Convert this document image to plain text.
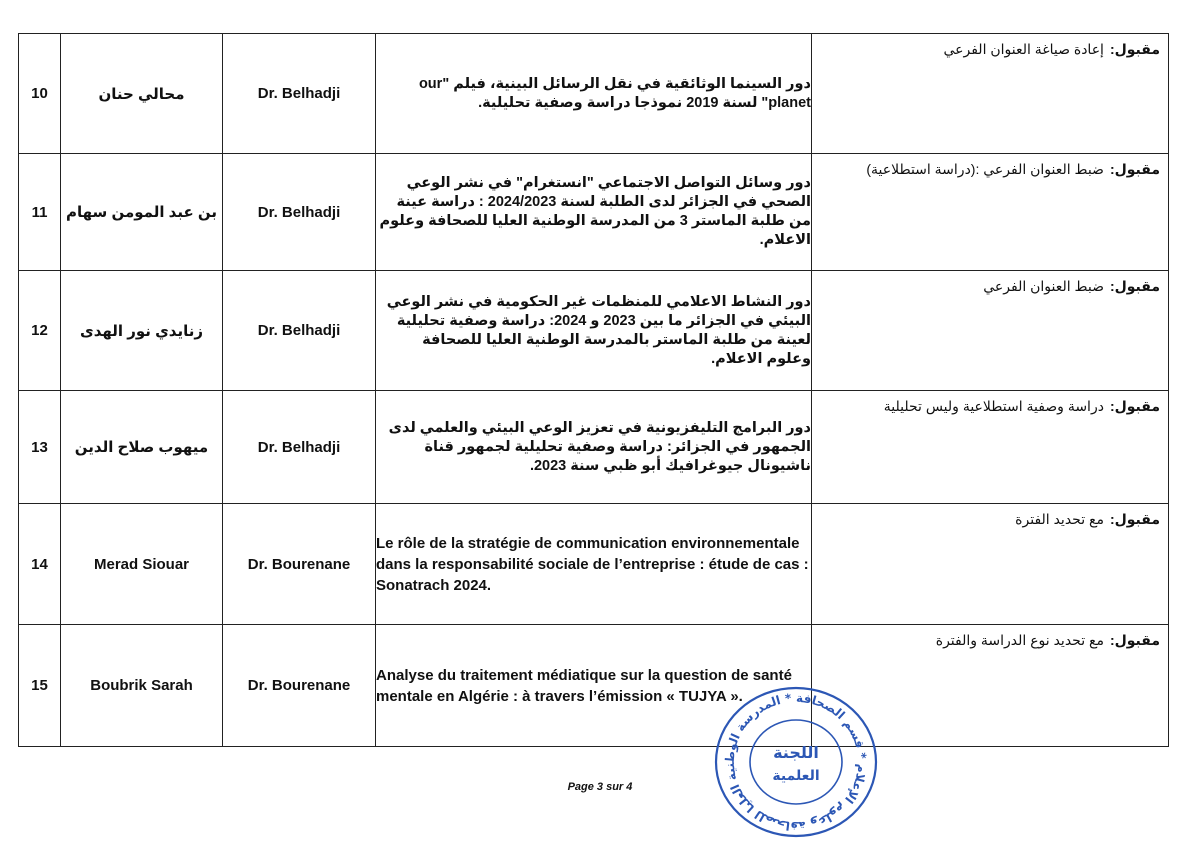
10	محالي حنان	Dr. Belhadji	دور السينما الوثائقية في نقل الرسائل البينية، فيلم "our planet" لسنة 2019 نموذجا دراسة وصفية تحليلية.	مقبول:إعادة صياغة العنوان الفرعي

11	بن عبد المومن سهام	Dr. Belhadji	دور وسائل التواصل الاجتماعي "انستغرام" في نشر الوعي الصحي في الجزائر لدى الطلبة لسنة 2024/2023 : دراسة عينة من طلبة الماستر 3 من المدرسة الوطنية العليا للصحافة وعلوم الاعلام.	مقبول:ضبط العنوان الفرعي :(دراسة استطلاعية)

12	زنايدي نور الهدى	Dr. Belhadji	دور النشاط الاعلامي للمنظمات غير الحكومية في نشر الوعي البيئي في الجزائر ما بين 2023 و 2024: دراسة وصفية تحليلية لعينة من طلبة الماستر بالمدرسة الوطنية العليا للصحافة وعلوم الاعلام.	مقبول:ضبط العنوان الفرعي

13	ميهوب صلاح الدين	Dr. Belhadji	دور البرامج التليفزيونية في تعزيز الوعي البيئي والعلمي لدى الجمهور في الجزائر: دراسة وصفية تحليلية لجمهور قناة ناشيونال جيوغرافيك أبو ظبي سنة 2023.	مقبول:دراسة وصفية استطلاعية وليس تحليلية

14	Merad Siouar	Dr. Bourenane	Le rôle de la stratégie de communication environnementale dans la responsabilité sociale de l’entreprise : étude de cas : Sonatrach 2024.	مقبول:مع تحديد الفترة

15	Boubrik Sarah	Dr. Bourenane	Analyse du traitement médiatique sur la question de santé mentale en Algérie : à travers l’émission « TUJYA ».	مقبول:مع تحديد نوع الدراسة والفترة
Page 3 sur 4
المدرسة الوطنية العليا للصحافة وعلوم الإعلام * قسم الصحافة *
اللجنة
العلمية
